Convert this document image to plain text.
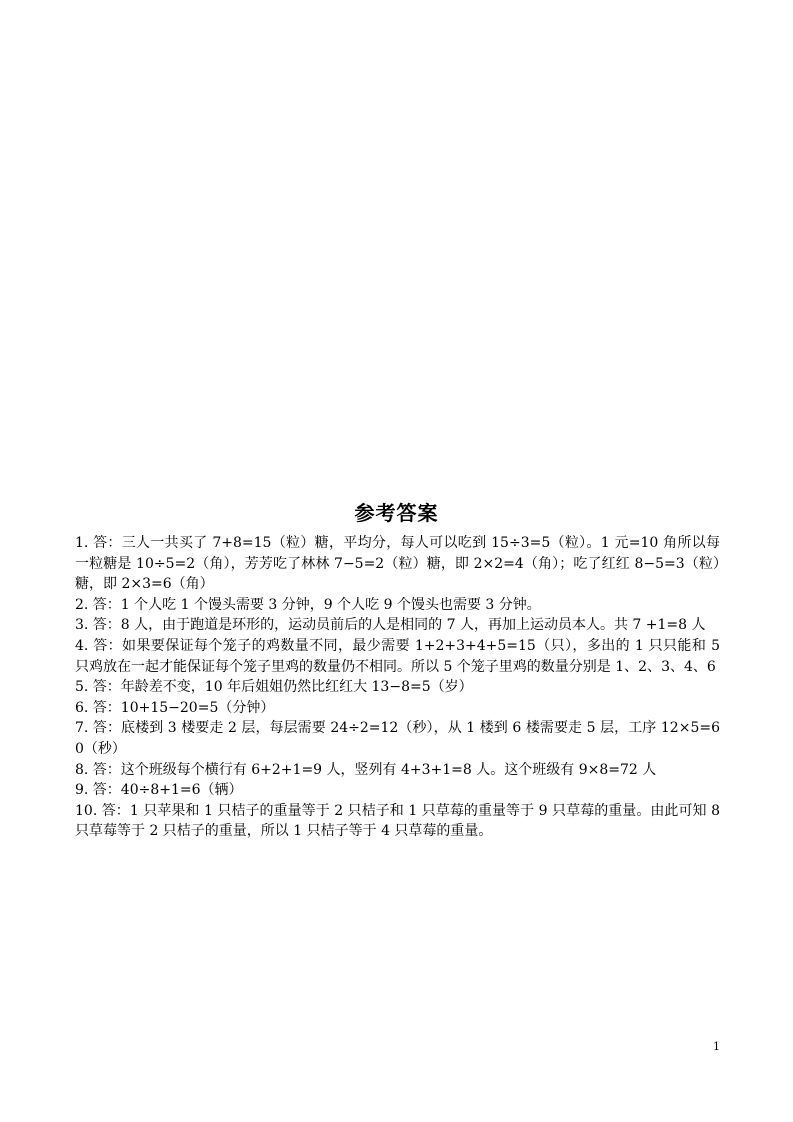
参考答案

1. 答：三人一共买了 7+8=15（粒）糖，平均分，每人可以吃到 15÷3=5（粒）。1 元=10 角所以每一粒糖是 10÷5=2（角），芳芳吃了林林 7−5=2（粒）糖，即 2×2=4（角）；吃了红红 8−5=3（粒）糖，即 2×3=6（角）

2. 答：1 个人吃 1 个馒头需要 3 分钟，9 个人吃 9 个馒头也需要 3 分钟。

3. 答：8 人，由于跑道是环形的，运动员前后的人是相同的 7 人，再加上运动员本人。共 7 +1=8 人

4. 答：如果要保证每个笼子的鸡数量不同，最少需要 1+2+3+4+5=15（只），多出的 1 只只能和 5 只鸡放在一起才能保证每个笼子里鸡的数量仍不相同。所以 5 个笼子里鸡的数量分别是 1、2、3、4、6

5. 答：年龄差不变，10 年后姐姐仍然比红红大 13−8=5（岁）

6. 答：10+15−20=5（分钟）

7. 答：底楼到 3 楼要走 2 层，每层需要 24÷2=12（秒），从 1 楼到 6 楼需要走 5 层，工序 12×5=60（秒）

8. 答：这个班级每个横行有 6+2+1=9 人，竖列有 4+3+1=8 人。这个班级有 9×8=72 人

9. 答：40÷8+1=6（辆）

10. 答：1 只苹果和 1 只桔子的重量等于 2 只桔子和 1 只草莓的重量等于 9 只草莓的重量。由此可知 8 只草莓等于 2 只桔子的重量，所以 1 只桔子等于 4 只草莓的重量。

1
